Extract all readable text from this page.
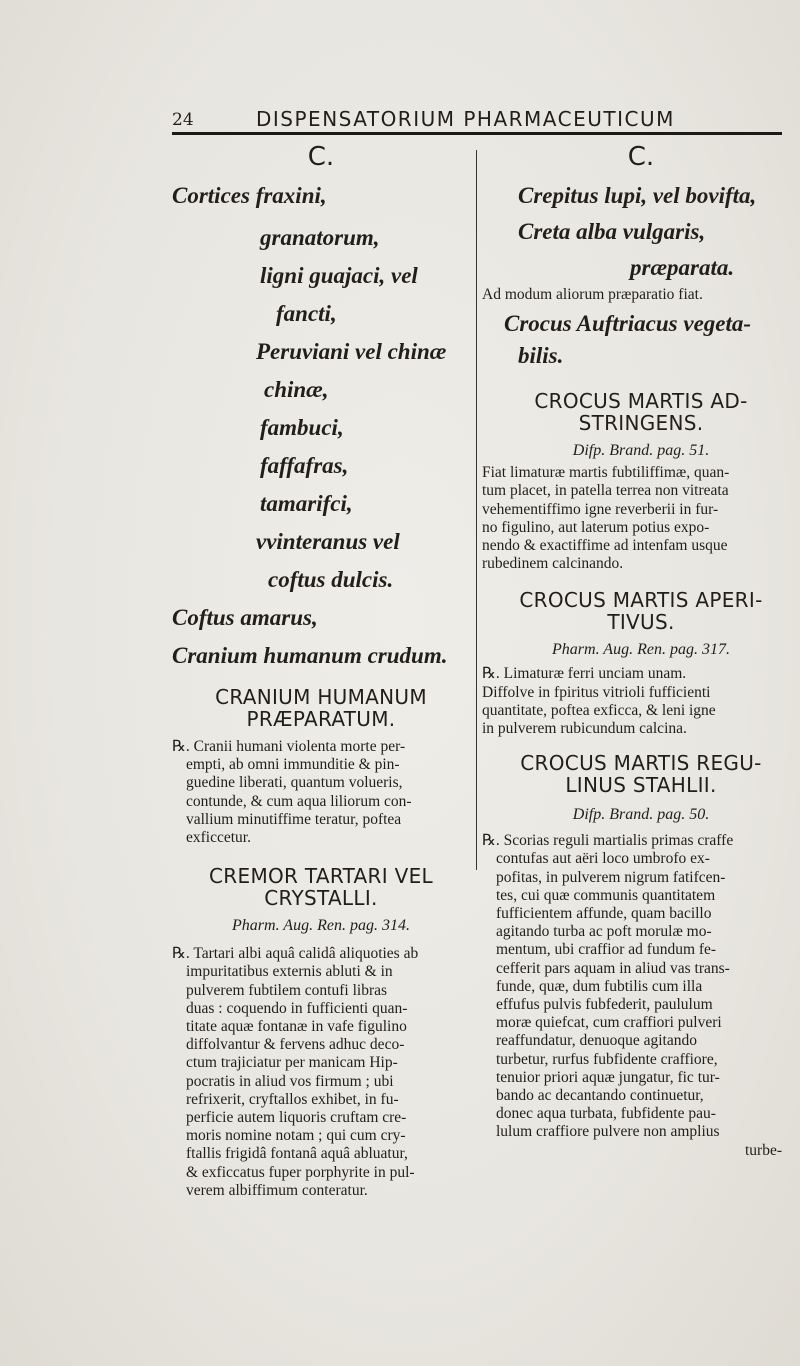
24	DISPENSATORIUM PHARMACEUTICUM
C.
Cortices fraxini,
granatorum,
ligni guajaci, vel
fancti,
Peruviani vel chinæ
chinæ,
fambuci,
faffafras,
tamarifci,
vvinteranus vel
coftus dulcis.
Coftus amarus,
Cranium humanum crudum.
CRANIUM HUMANUM
PRÆPARATUM.
℞. Cranii humani violenta morte per-
empti, ab omni immunditie & pin-
guedine liberati, quantum volueris,
contunde, & cum aqua liliorum con-
vallium minutiffime teratur, poftea
exficcetur.
CREMOR TARTARI VEL
CRYSTALLI.
Pharm. Aug. Ren. pag. 314.
℞. Tartari albi aquâ calidâ aliquoties ab
impuritatibus externis abluti & in
pulverem fubtilem contufi libras
duas : coquendo in fufficienti quan-
titate aquæ fontanæ in vafe figulino
diffolvantur & fervens adhuc deco-
ctum trajiciatur per manicam Hip-
pocratis in aliud vos firmum ; ubi
refrixerit, cryftallos exhibet, in fu-
perficie autem liquoris cruftam cre-
moris nomine notam ; qui cum cry-
ftallis frigidâ fontanâ aquâ abluatur,
& exficcatus fuper porphyrite in pul-
verem albiffimum conteratur.
C.
Crepitus lupi, vel bovifta,
Creta alba vulgaris,
præparata.
Ad modum aliorum præparatio fiat.
Crocus Auftriacus vegeta-
bilis.
CROCUS MARTIS AD-
STRINGENS.
Difp. Brand. pag. 51.
Fiat limaturæ martis fubtiliffimæ, quan-
tum placet, in patella terrea non vitreata
vehementiffimo igne reverberii in fur-
no figulino, aut laterum potius expo-
nendo & exactiffime ad intenfam usque
rubedinem calcinando.
CROCUS MARTIS APERI-
TIVUS.
Pharm. Aug. Ren. pag. 317.
℞. Limaturæ ferri unciam unam.
Diffolve in fpiritus vitrioli fufficienti
quantitate, poftea exficca, & leni igne
in pulverem rubicundum calcina.
CROCUS MARTIS REGU-
LINUS STAHLII.
Difp. Brand. pag. 50.
℞. Scorias reguli martialis primas craffe
contufas aut aëri loco umbrofo ex-
pofitas, in pulverem nigrum fatifcen-
tes, cui quæ communis quantitatem
fufficientem affunde, quam bacillo
agitando turba ac poft morulæ mo-
mentum, ubi craffior ad fundum fe-
cefferit pars aquam in aliud vas trans-
funde, quæ, dum fubtilis cum illa
effufus pulvis fubfederit, paululum
moræ quiefcat, cum craffiori pulveri
reaffundatur, denuoque agitando
turbetur, rurfus fubfidente craffiore,
tenuior priori aquæ jungatur, fic tur-
bando ac decantando continuetur,
donec aqua turbata, fubfidente pau-
lulum craffiore pulvere non amplius
turbe-
